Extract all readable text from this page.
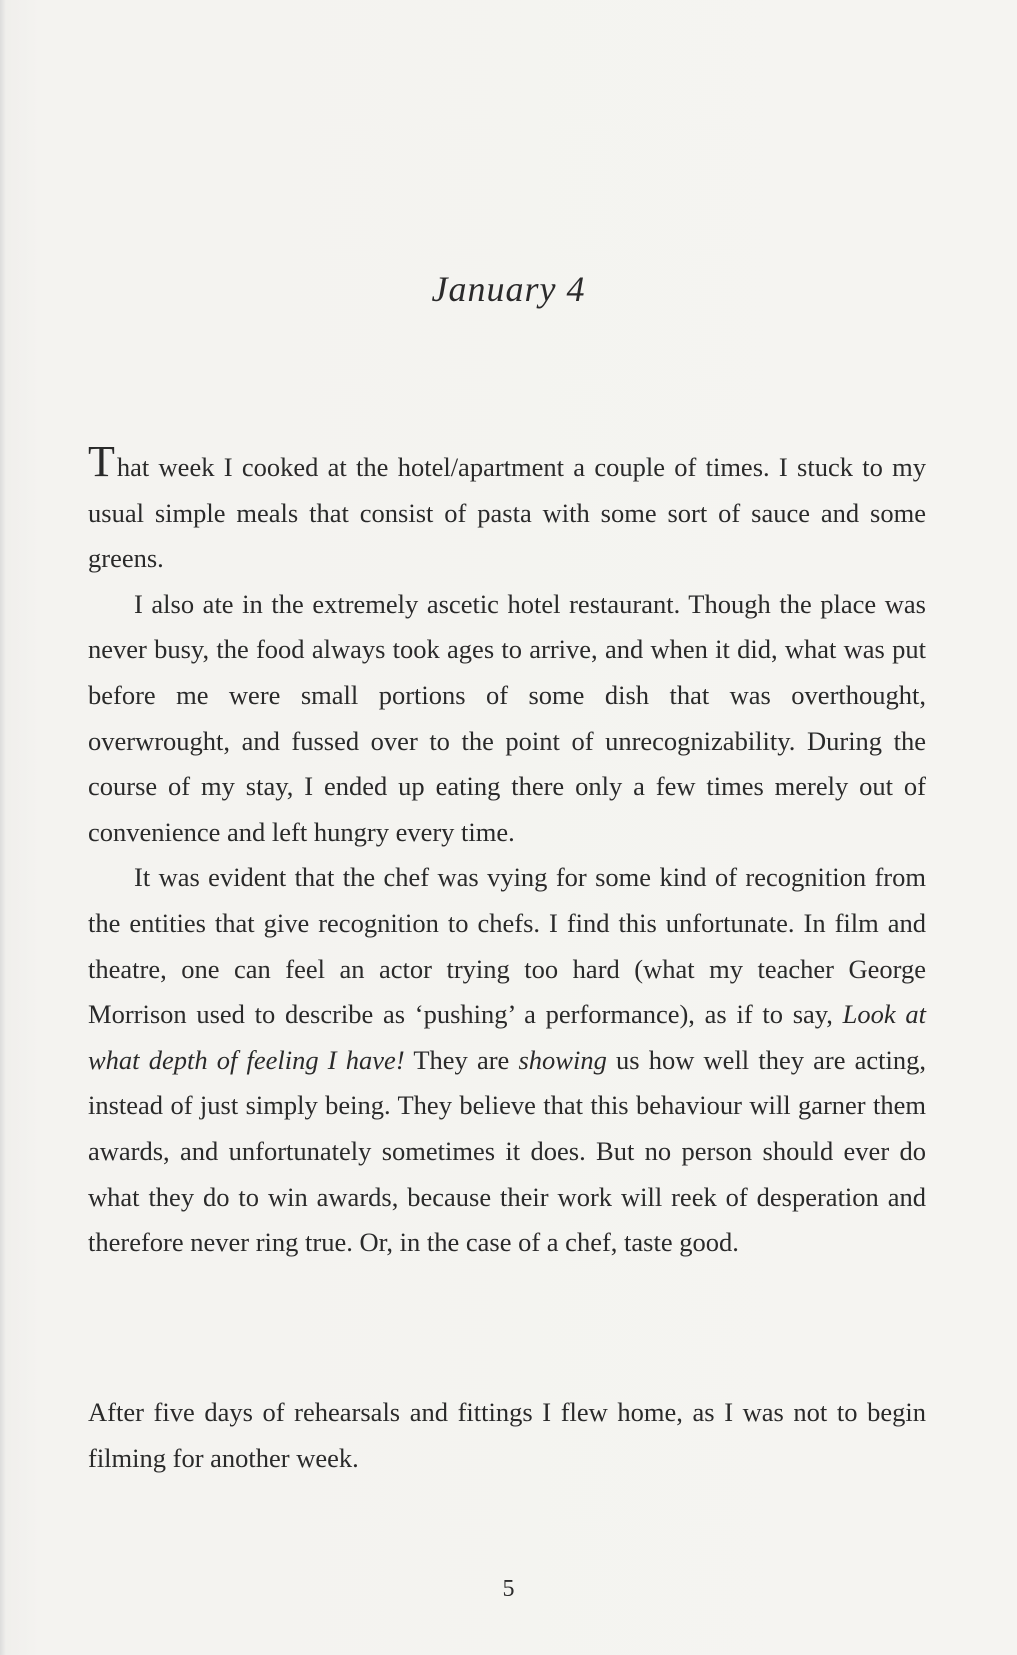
January 4

That week I cooked at the hotel/apartment a couple of times. I stuck to my usual simple meals that consist of pasta with some sort of sauce and some greens.

I also ate in the extremely ascetic hotel restaurant. Though the place was never busy, the food always took ages to arrive, and when it did, what was put before me were small portions of some dish that was overthought, overwrought, and fussed over to the point of unrecognizability. During the course of my stay, I ended up eating there only a few times merely out of convenience and left hungry every time.

It was evident that the chef was vying for some kind of recognition from the entities that give recognition to chefs. I find this unfortunate. In film and theatre, one can feel an actor trying too hard (what my teacher George Morrison used to describe as ‘pushing’ a performance), as if to say, Look at what depth of feeling I have! They are showing us how well they are acting, instead of just simply being. They believe that this behaviour will garner them awards, and unfortunately sometimes it does. But no person should ever do what they do to win awards, because their work will reek of desperation and therefore never ring true. Or, in the case of a chef, taste good.

After five days of rehearsals and fittings I flew home, as I was not to begin filming for another week.

5
